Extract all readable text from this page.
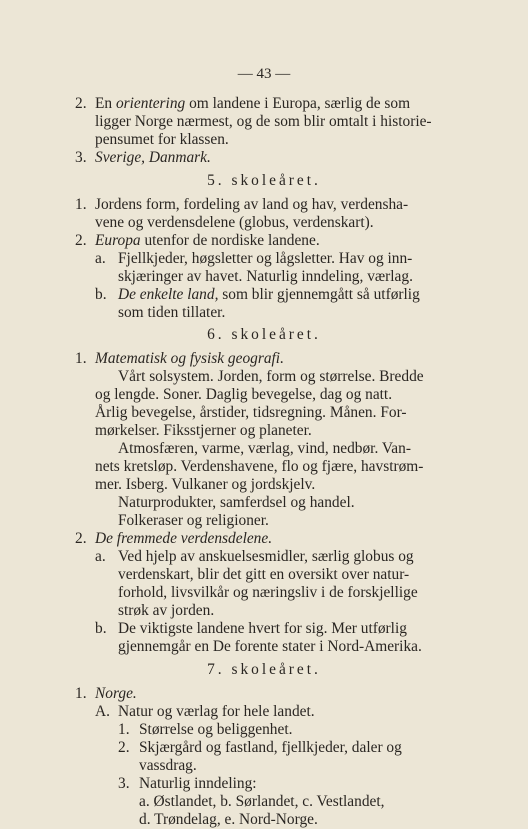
— 43 —
2. En orientering om landene i Europa, særlig de som
ligger Norge nærmest, og de som blir omtalt i historie-
pensumet for klassen.
3. Sverige, Danmark.
5. skoleåret.
1. Jordens form, fordeling av land og hav, verdensha-
vene og verdensdelene (globus, verdenskart).
2. Europa utenfor de nordiske landene.
a. Fjellkjeder, høgsletter og lågsletter. Hav og inn-
skjæringer av havet. Naturlig inndeling, værlag.
b. De enkelte land, som blir gjennemgått så utførlig
som tiden tillater.
6. skoleåret.
1. Matematisk og fysisk geografi.
Vårt solsystem. Jorden, form og størrelse. Bredde
og lengde. Soner. Daglig bevegelse, dag og natt.
Årlig bevegelse, årstider, tidsregning. Månen. For-
mørkelser. Fiksstjerner og planeter.
Atmosfæren, varme, værlag, vind, nedbør. Van-
nets kretsløp. Verdenshavene, flo og fjære, havstrøm-
mer. Isberg. Vulkaner og jordskjelv.
Naturprodukter, samferdsel og handel.
Folkeraser og religioner.
2. De fremmede verdensdelene.
a. Ved hjelp av anskuelsesmidler, særlig globus og
verdenskart, blir det gitt en oversikt over natur-
forhold, livsvilkår og næringsliv i de forskjellige
strøk av jorden.
b. De viktigste landene hvert for sig. Mer utførlig
gjennemgår en De forente stater i Nord-Amerika.
7. skoleåret.
1. Norge.
A. Natur og værlag for hele landet.
1. Størrelse og beliggenhet.
2. Skjærgård og fastland, fjellkjeder, daler og
vassdrag.
3. Naturlig inndeling:
a. Østlandet, b. Sørlandet, c. Vestlandet,
d. Trøndelag, e. Nord-Norge.
